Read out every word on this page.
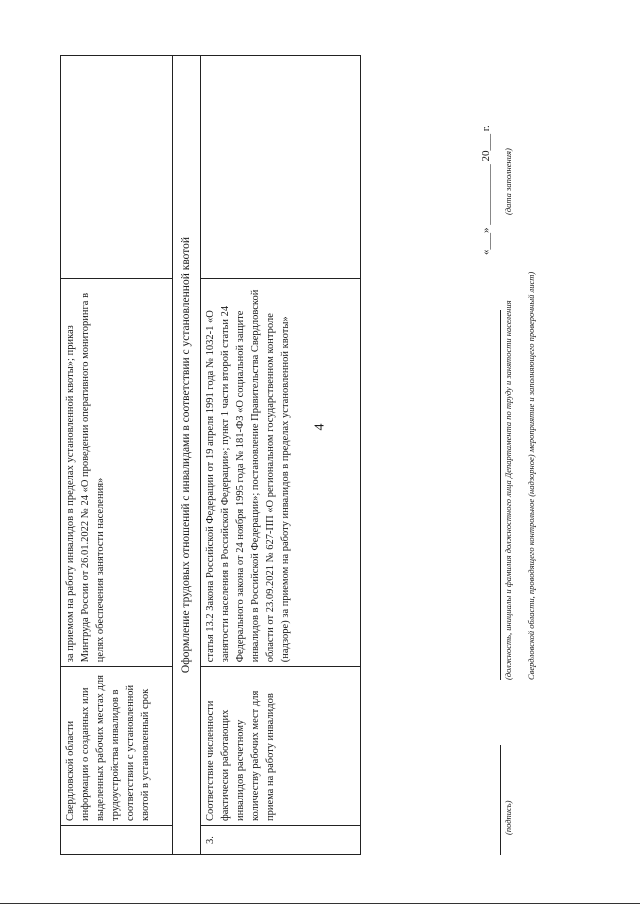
4
	Свердловской области информации о созданных или выделенных рабочих местах для трудоустройства инвалидов в соответствии с установленной квотой в установленный срок	за приемом на работу инвалидов в пределах установленной квоты»; приказ Минтруда России от 26.01.2022 № 24 «О проведении оперативного мониторинга в целях обеспечения занятости населения»	
Оформление трудовых отношений с инвалидами в соответствии с установленной квотой			
3.	Соответствие численности фактически работающих инвалидов расчетному количеству рабочих мест для приема на работу инвалидов	статья 13.2 Закона Российской Федерации от 19 апреля 1991 года № 1032-1 «О занятости населения в Российской Федерации»; пункт 1 части второй статьи 24 Федерального закона от 24 ноября 1995 года № 181-ФЗ «О социальной защите инвалидов в Российской Федерации»; постановление Правительства Свердловской области от 23.09.2021 № 627-ПП «О региональном государственном контроле (надзоре) за приемом на работу инвалидов в пределах установленной квоты»	
(подпись)
(должность, инициалы и фамилия должностного лица Департамента по труду и занятости населения Свердловской области, проводящего контрольное (надзорное) мероприятие и заполняющего проверочный лист)
«___» ___________ 20___ г. (дата заполнения)
